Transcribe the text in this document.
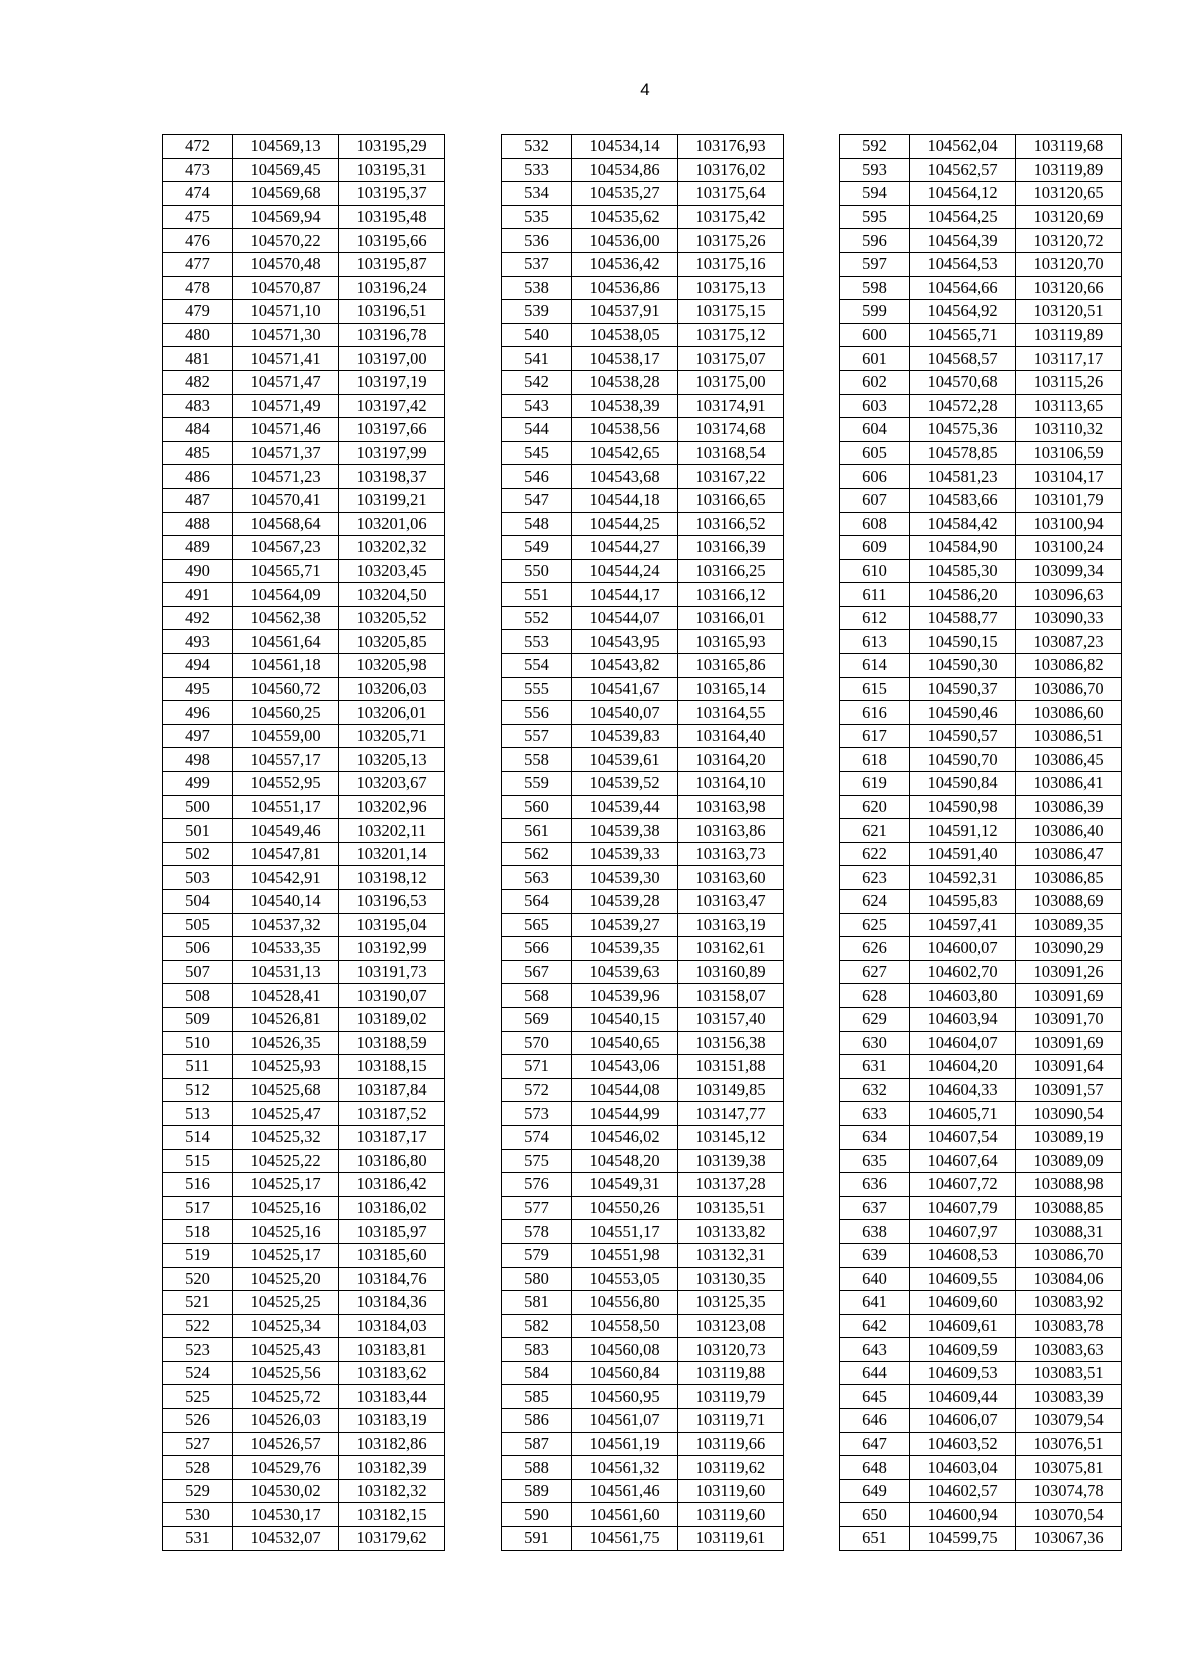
4
472	104569,13	103195,29
473	104569,45	103195,31
474	104569,68	103195,37
475	104569,94	103195,48
476	104570,22	103195,66
477	104570,48	103195,87
478	104570,87	103196,24
479	104571,10	103196,51
480	104571,30	103196,78
481	104571,41	103197,00
482	104571,47	103197,19
483	104571,49	103197,42
484	104571,46	103197,66
485	104571,37	103197,99
486	104571,23	103198,37
487	104570,41	103199,21
488	104568,64	103201,06
489	104567,23	103202,32
490	104565,71	103203,45
491	104564,09	103204,50
492	104562,38	103205,52
493	104561,64	103205,85
494	104561,18	103205,98
495	104560,72	103206,03
496	104560,25	103206,01
497	104559,00	103205,71
498	104557,17	103205,13
499	104552,95	103203,67
500	104551,17	103202,96
501	104549,46	103202,11
502	104547,81	103201,14
503	104542,91	103198,12
504	104540,14	103196,53
505	104537,32	103195,04
506	104533,35	103192,99
507	104531,13	103191,73
508	104528,41	103190,07
509	104526,81	103189,02
510	104526,35	103188,59
511	104525,93	103188,15
512	104525,68	103187,84
513	104525,47	103187,52
514	104525,32	103187,17
515	104525,22	103186,80
516	104525,17	103186,42
517	104525,16	103186,02
518	104525,16	103185,97
519	104525,17	103185,60
520	104525,20	103184,76
521	104525,25	103184,36
522	104525,34	103184,03
523	104525,43	103183,81
524	104525,56	103183,62
525	104525,72	103183,44
526	104526,03	103183,19
527	104526,57	103182,86
528	104529,76	103182,39
529	104530,02	103182,32
530	104530,17	103182,15
531	104532,07	103179,62
532	104534,14	103176,93
533	104534,86	103176,02
534	104535,27	103175,64
535	104535,62	103175,42
536	104536,00	103175,26
537	104536,42	103175,16
538	104536,86	103175,13
539	104537,91	103175,15
540	104538,05	103175,12
541	104538,17	103175,07
542	104538,28	103175,00
543	104538,39	103174,91
544	104538,56	103174,68
545	104542,65	103168,54
546	104543,68	103167,22
547	104544,18	103166,65
548	104544,25	103166,52
549	104544,27	103166,39
550	104544,24	103166,25
551	104544,17	103166,12
552	104544,07	103166,01
553	104543,95	103165,93
554	104543,82	103165,86
555	104541,67	103165,14
556	104540,07	103164,55
557	104539,83	103164,40
558	104539,61	103164,20
559	104539,52	103164,10
560	104539,44	103163,98
561	104539,38	103163,86
562	104539,33	103163,73
563	104539,30	103163,60
564	104539,28	103163,47
565	104539,27	103163,19
566	104539,35	103162,61
567	104539,63	103160,89
568	104539,96	103158,07
569	104540,15	103157,40
570	104540,65	103156,38
571	104543,06	103151,88
572	104544,08	103149,85
573	104544,99	103147,77
574	104546,02	103145,12
575	104548,20	103139,38
576	104549,31	103137,28
577	104550,26	103135,51
578	104551,17	103133,82
579	104551,98	103132,31
580	104553,05	103130,35
581	104556,80	103125,35
582	104558,50	103123,08
583	104560,08	103120,73
584	104560,84	103119,88
585	104560,95	103119,79
586	104561,07	103119,71
587	104561,19	103119,66
588	104561,32	103119,62
589	104561,46	103119,60
590	104561,60	103119,60
591	104561,75	103119,61
592	104562,04	103119,68
593	104562,57	103119,89
594	104564,12	103120,65
595	104564,25	103120,69
596	104564,39	103120,72
597	104564,53	103120,70
598	104564,66	103120,66
599	104564,92	103120,51
600	104565,71	103119,89
601	104568,57	103117,17
602	104570,68	103115,26
603	104572,28	103113,65
604	104575,36	103110,32
605	104578,85	103106,59
606	104581,23	103104,17
607	104583,66	103101,79
608	104584,42	103100,94
609	104584,90	103100,24
610	104585,30	103099,34
611	104586,20	103096,63
612	104588,77	103090,33
613	104590,15	103087,23
614	104590,30	103086,82
615	104590,37	103086,70
616	104590,46	103086,60
617	104590,57	103086,51
618	104590,70	103086,45
619	104590,84	103086,41
620	104590,98	103086,39
621	104591,12	103086,40
622	104591,40	103086,47
623	104592,31	103086,85
624	104595,83	103088,69
625	104597,41	103089,35
626	104600,07	103090,29
627	104602,70	103091,26
628	104603,80	103091,69
629	104603,94	103091,70
630	104604,07	103091,69
631	104604,20	103091,64
632	104604,33	103091,57
633	104605,71	103090,54
634	104607,54	103089,19
635	104607,64	103089,09
636	104607,72	103088,98
637	104607,79	103088,85
638	104607,97	103088,31
639	104608,53	103086,70
640	104609,55	103084,06
641	104609,60	103083,92
642	104609,61	103083,78
643	104609,59	103083,63
644	104609,53	103083,51
645	104609,44	103083,39
646	104606,07	103079,54
647	104603,52	103076,51
648	104603,04	103075,81
649	104602,57	103074,78
650	104600,94	103070,54
651	104599,75	103067,36
